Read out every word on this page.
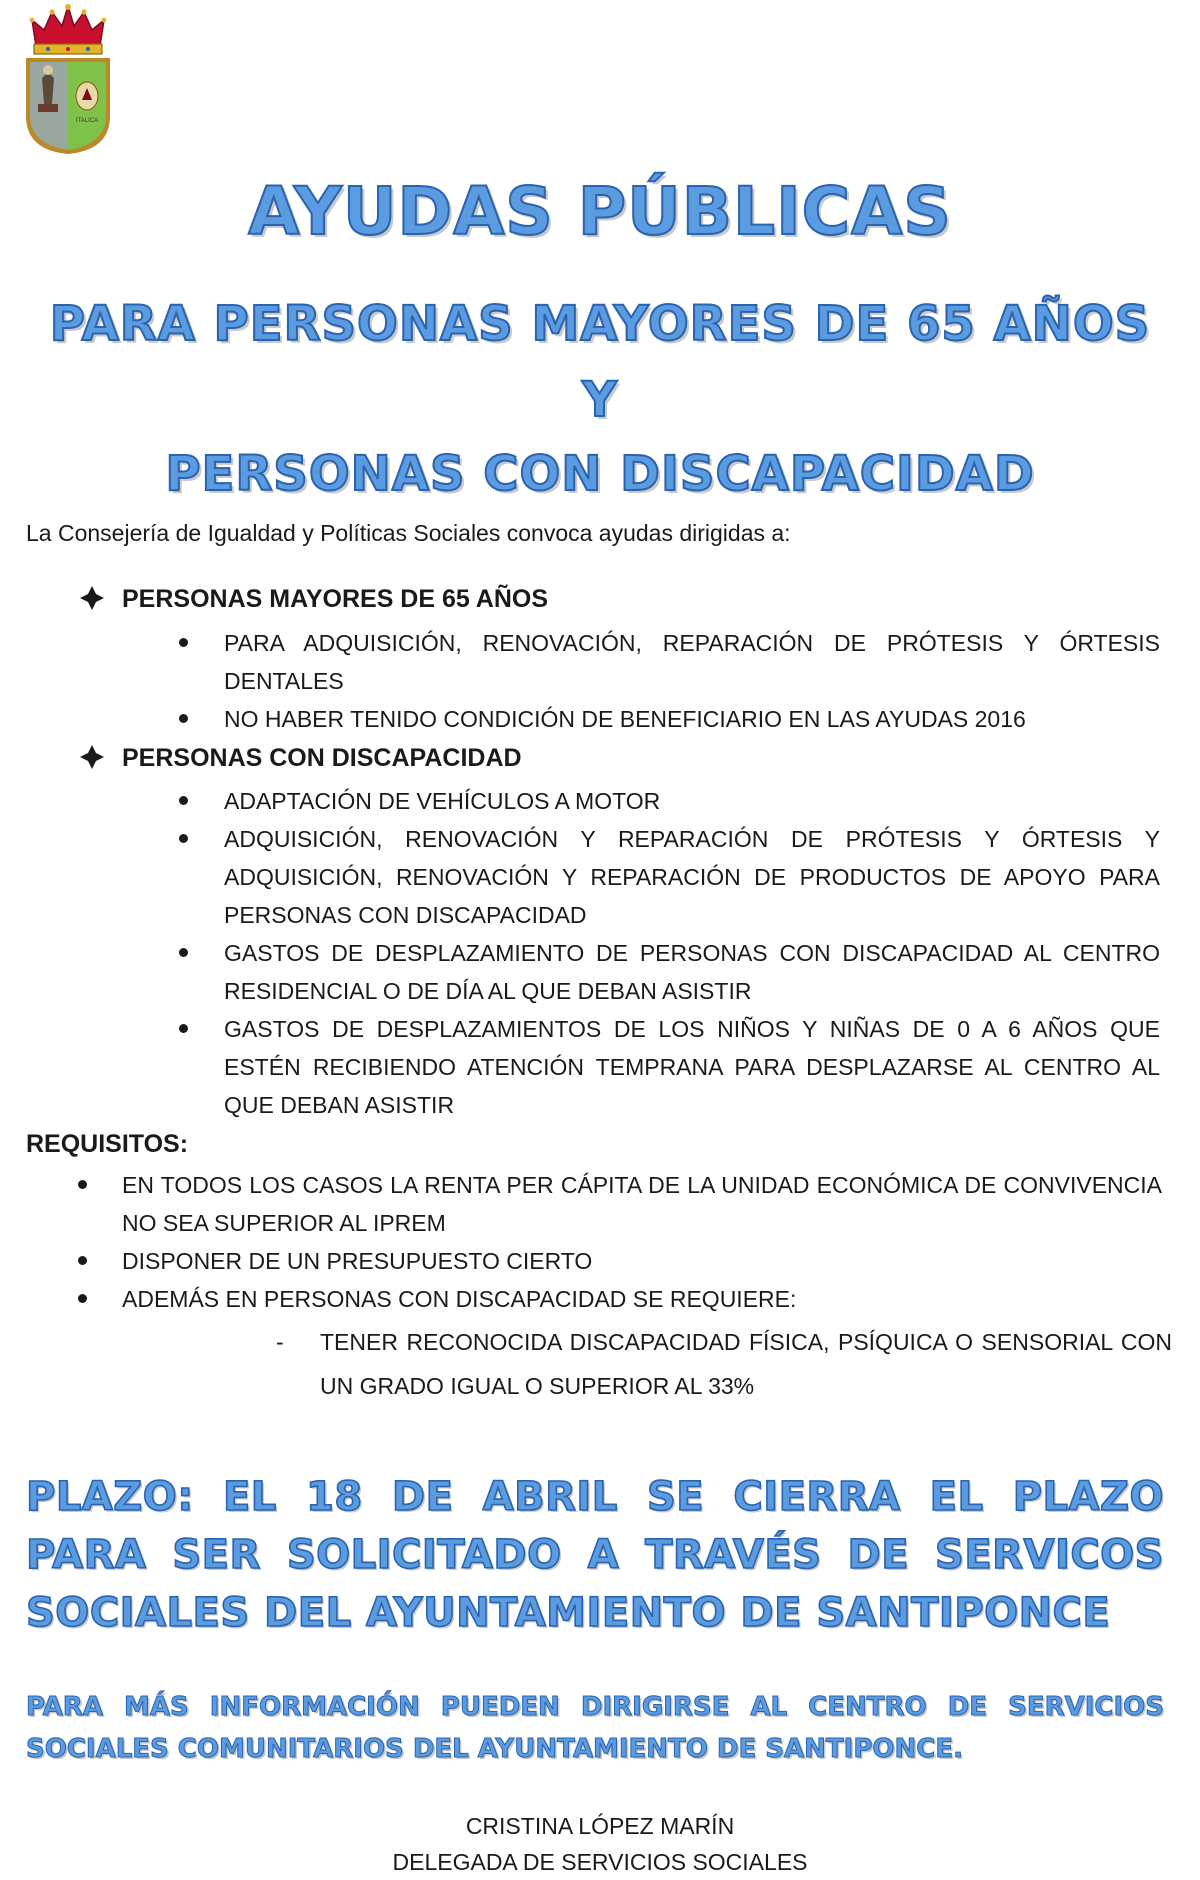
ITALICA
AYUDAS PÚBLICAS
PARA PERSONAS MAYORES DE 65 AÑOS
Y
PERSONAS CON DISCAPACIDAD
La Consejería de Igualdad y Políticas Sociales convoca ayudas dirigidas a:
PERSONAS MAYORES DE 65 AÑOS
PARA ADQUISICIÓN, RENOVACIÓN, REPARACIÓN DE PRÓTESIS Y ÓRTESIS DENTALES
NO HABER TENIDO CONDICIÓN DE BENEFICIARIO EN LAS AYUDAS 2016
PERSONAS CON DISCAPACIDAD
ADAPTACIÓN DE VEHÍCULOS A MOTOR
ADQUISICIÓN, RENOVACIÓN Y REPARACIÓN DE PRÓTESIS Y ÓRTESIS Y ADQUISICIÓN, RENOVACIÓN Y REPARACIÓN DE PRODUCTOS DE APOYO PARA PERSONAS CON DISCAPACIDAD
GASTOS DE DESPLAZAMIENTO DE PERSONAS CON DISCAPACIDAD AL CENTRO RESIDENCIAL O DE DÍA AL QUE DEBAN ASISTIR
GASTOS DE DESPLAZAMIENTOS DE LOS NIÑOS Y NIÑAS DE 0 A 6 AÑOS QUE ESTÉN RECIBIENDO ATENCIÓN TEMPRANA PARA DESPLAZARSE AL CENTRO AL QUE DEBAN ASISTIR
REQUISITOS:
EN TODOS LOS CASOS LA RENTA PER CÁPITA DE LA UNIDAD ECONÓMICA DE CONVIVENCIA NO SEA SUPERIOR AL IPREM
DISPONER DE UN PRESUPUESTO CIERTO
ADEMÁS EN PERSONAS CON DISCAPACIDAD SE REQUIERE:
- TENER RECONOCIDA DISCAPACIDAD FÍSICA, PSÍQUICA O SENSORIAL CON UN GRADO IGUAL O SUPERIOR AL 33%

PLAZO: EL 18 DE ABRIL SE CIERRA EL PLAZO PARA SER SOLICITADO A TRAVÉS DE SERVICOS SOCIALES DEL AYUNTAMIENTO DE SANTIPONCE

PARA MÁS INFORMACIÓN PUEDEN DIRIGIRSE AL CENTRO DE SERVICIOS SOCIALES COMUNITARIOS DEL AYUNTAMIENTO DE SANTIPONCE.

CRISTINA LÓPEZ MARÍN
DELEGADA DE SERVICIOS SOCIALES
